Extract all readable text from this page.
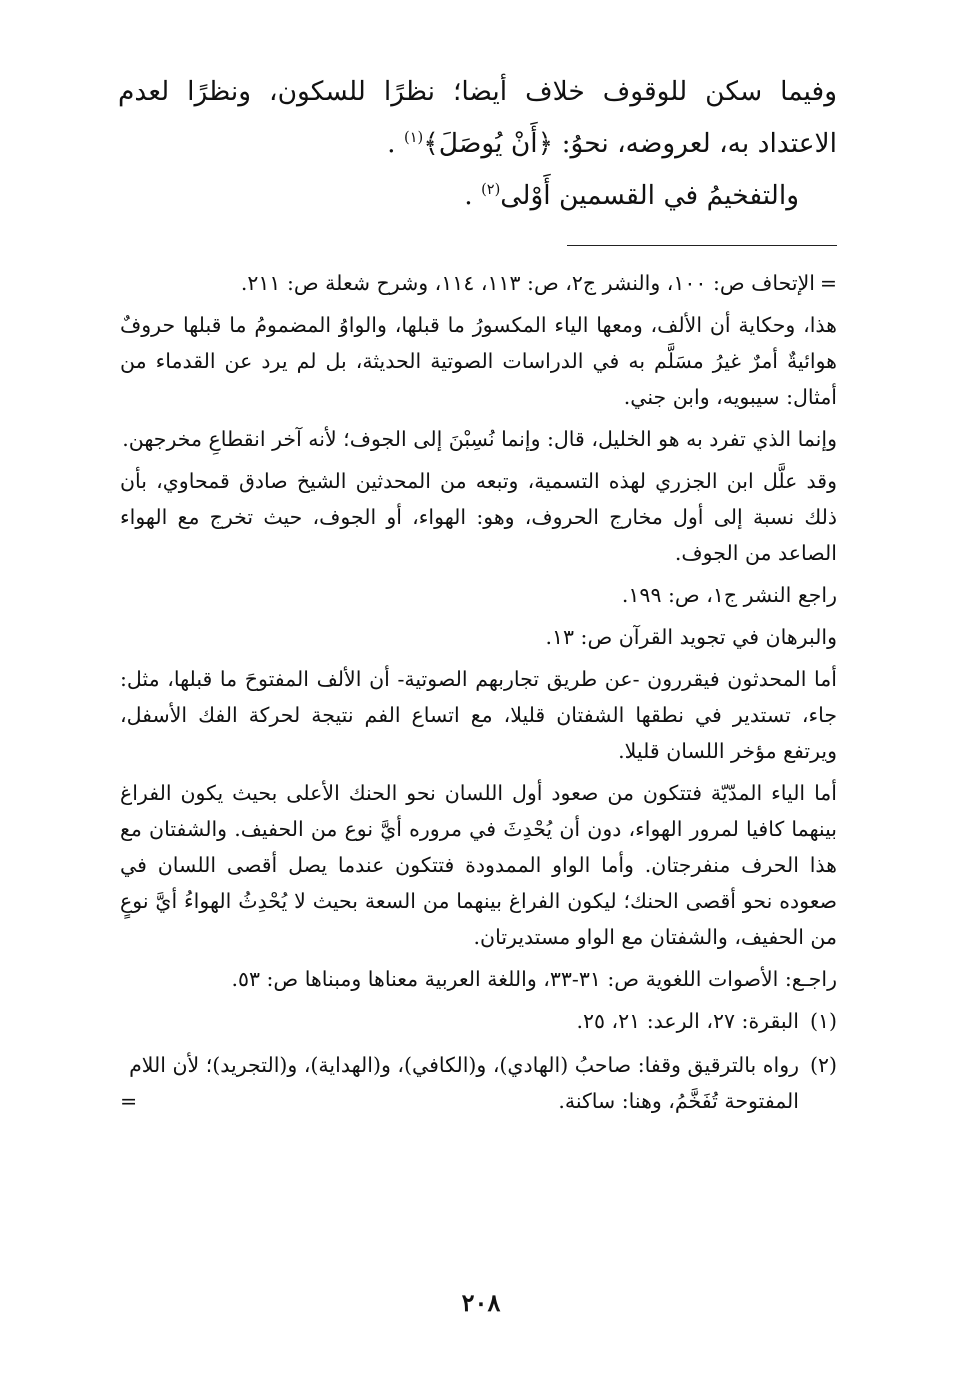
وفيما سكن للوقوف خلاف أيضا؛ نظرًا للسكون، ونظرًا لعدم

الاعتداد به، لعروضه، نحوُ: ﴿أَنْ يُوصَلَ﴾$^{(١)}$ .

والتفخيمُ في القسمين أَوْلى$^{(٢)}$ .

=
الإتحاف ص: ١٠٠، والنشر ج٢، ص: ١١٣، ١١٤، وشرح شعلة ص: ٢١١.
هذا، وحكاية أن الألف، ومعها الياء المكسورُ ما قبلها، والواوُ المضمومُ ما قبلها حروفٌ هوائيةٌ أمرٌ غيرُ مسَلَّم به في الدراسات الصوتية الحديثة، بل لم يرد عن القدماء من أمثال: سيبويه، وابن جني.
وإنما الذي تفرد به هو الخليل، قال: وإنما نُسِبْنَ إلى الجوف؛ لأنه آخر انقطاعِ مخرجهن.
وقد علَّل ابن الجزري لهذه التسمية، وتبعه من المحدثين الشيخ صادق قمحاوي، بأن ذلك نسبة إلى أول مخارج الحروف، وهو: الهواء، أو الجوف، حيث تخرج مع الهواء الصاعد من الجوف.
راجع النشر ج١، ص: ١٩٩.
والبرهان في تجويد القرآن ص: ١٣.
أما المحدثون فيقررون -عن طريق تجاربهم الصوتية- أن الألف المفتوحَ ما قبلها، مثل: جاء، تستدير في نطقها الشفتان قليلا، مع اتساع الفم نتيجة لحركة الفك الأسفل، ويرتفع مؤخر اللسان قليلا.
أما الياء المدّيّة فتتكون من صعود أول اللسان نحو الحنك الأعلى بحيث يكون الفراغ بينهما كافيا لمرور الهواء، دون أن يُحْدِثَ في مروره أيَّ نوع من الحفيف. والشفتان مع هذا الحرف منفرجتان. وأما الواو الممدودة فتتكون عندما يصل أقصى اللسان في صعوده نحو أقصى الحنك؛ ليكون الفراغ بينهما من السعة بحيث لا يُحْدِثُ الهواءُ أيَّ نوعٍ من الحفيف، والشفتان مع الواو مستديرتان.
راجـع: الأصوات اللغوية ص: ٣١-٣٣، واللغة العربية معناها ومبناها ص: ٥٣.
(١)
البقرة: ٢٧، الرعد: ٢١، ٢٥.
(٢)
رواه بالترقيق وقفا: صاحبُ (الهادي)، و(الكافي)، و(الهداية)، و(التجريد)؛ لأن اللام المفتوحة تُفَخَّمُ، وهنا: ساكنة.
=
٢٠٨
